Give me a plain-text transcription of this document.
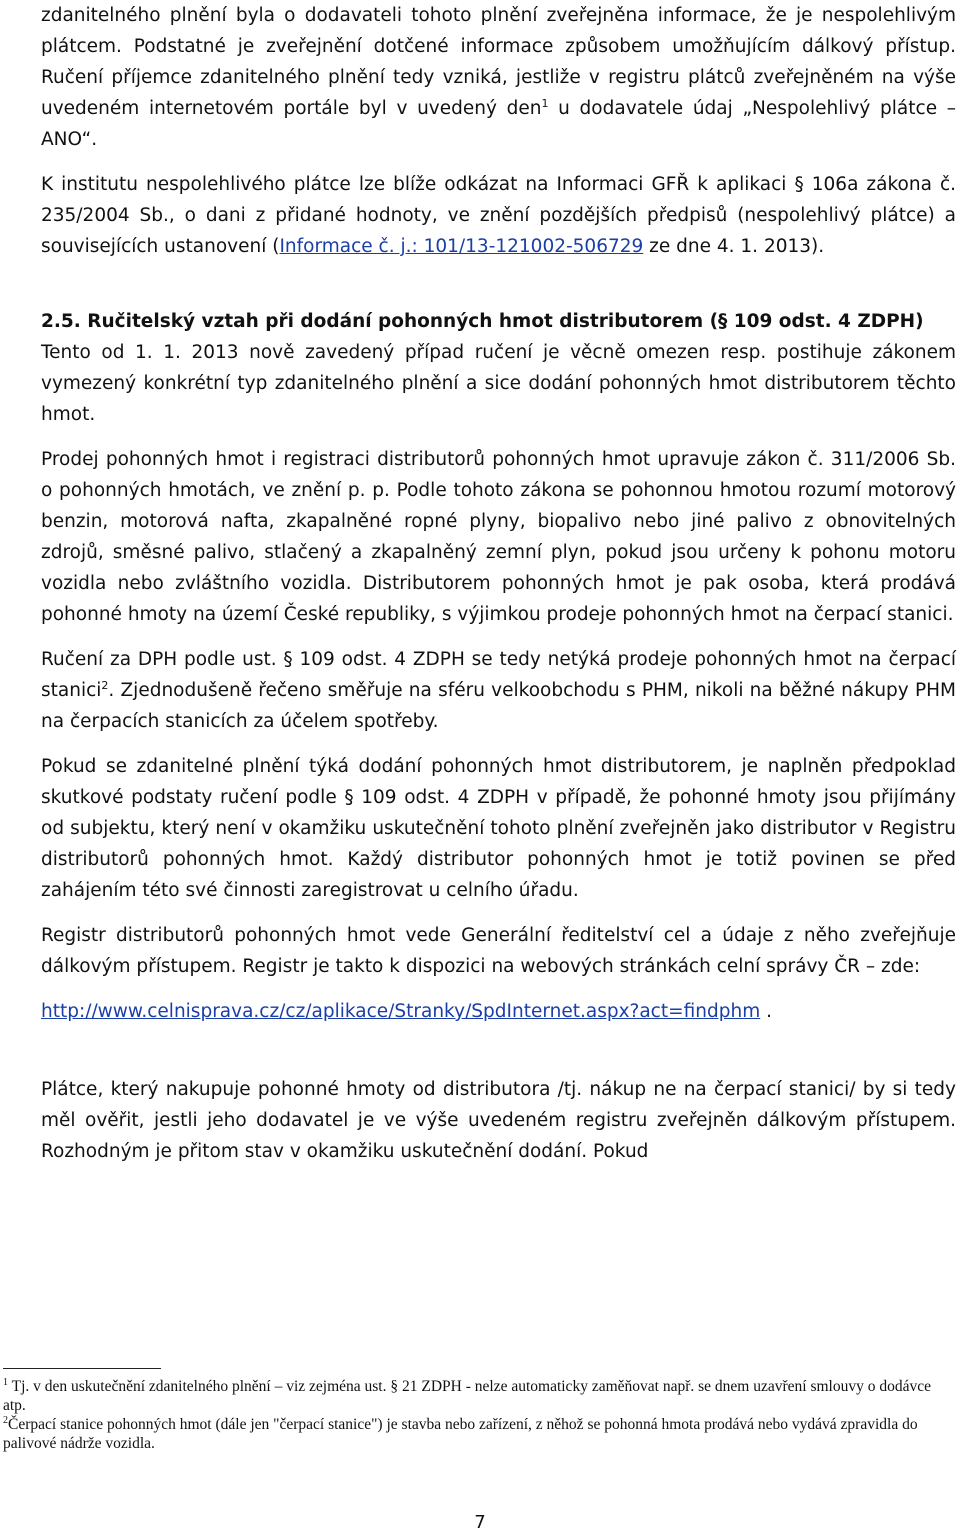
zdanitelného plnění byla o dodavateli tohoto plnění zveřejněna informace, že je nespolehlivým plátcem. Podstatné je zveřejnění dotčené informace způsobem umožňujícím dálkový přístup. Ručení příjemce zdanitelného plnění tedy vzniká, jestliže v registru plátců zveřejněném na výše uvedeném internetovém portále byl v uvedený den$^1$ u dodavatele údaj „Nespolehlivý plátce – ANO“.

K institutu nespolehlivého plátce lze blíže odkázat na Informaci GFŘ k aplikaci § 106a zákona č. 235/2004 Sb., o dani z přidané hodnoty, ve znění pozdějších předpisů (nespolehlivý plátce) a souvisejících ustanovení (Informace č. j.: 101/13-121002-506729 ze dne 4. 1. 2013).

2.5. Ručitelský vztah při dodání pohonných hmot distributorem (§ 109 odst. 4 ZDPH)

Tento od 1. 1. 2013 nově zavedený případ ručení je věcně omezen resp. postihuje zákonem vymezený konkrétní typ zdanitelného plnění a sice dodání pohonných hmot distributorem těchto hmot.

Prodej pohonných hmot i registraci distributorů pohonných hmot upravuje zákon č. 311/2006 Sb. o pohonných hmotách, ve znění p. p. Podle tohoto zákona se pohonnou hmotou rozumí motorový benzin, motorová nafta, zkapalněné ropné plyny, biopalivo nebo jiné palivo z obnovitelných zdrojů, směsné palivo, stlačený a zkapalněný zemní plyn, pokud jsou určeny k pohonu motoru vozidla nebo zvláštního vozidla. Distributorem pohonných hmot je pak osoba, která prodává pohonné hmoty na území České republiky, s výjimkou prodeje pohonných hmot na čerpací stanici.

Ručení za DPH podle ust. § 109 odst. 4 ZDPH se tedy netýká prodeje pohonných hmot na čerpací stanici$^2$. Zjednodušeně řečeno směřuje na sféru velkoobchodu s PHM, nikoli na běžné nákupy PHM na čerpacích stanicích za účelem spotřeby.

Pokud se zdanitelné plnění týká dodání pohonných hmot distributorem, je naplněn předpoklad skutkové podstaty ručení podle § 109 odst. 4 ZDPH v případě, že pohonné hmoty jsou přijímány od subjektu, který není v okamžiku uskutečnění tohoto plnění zveřejněn jako distributor v Registru distributorů pohonných hmot. Každý distributor pohonných hmot je totiž povinen se před zahájením této své činnosti zaregistrovat u celního úřadu.

Registr distributorů pohonných hmot vede Generální ředitelství cel a údaje z něho zveřejňuje dálkovým přístupem. Registr je takto k dispozici na webových stránkách celní správy ČR – zde:

http://www.celnisprava.cz/cz/aplikace/Stranky/SpdInternet.aspx?act=findphm .

Plátce, který nakupuje pohonné hmoty od distributora /tj. nákup ne na čerpací stanici/ by si tedy měl ověřit, jestli jeho dodavatel je ve výše uvedeném registru zveřejněn dálkovým přístupem. Rozhodným je přitom stav v okamžiku uskutečnění dodání. Pokud

$^1$ Tj. v den uskutečnění zdanitelného plnění – viz zejména ust. § 21 ZDPH - nelze automaticky zaměňovat např. se dnem uzavření smlouvy o dodávce atp.

$^2$Čerpací stanice pohonných hmot (dále jen "čerpací stanice") je stavba nebo zařízení, z něhož se pohonná hmota prodává nebo vydává zpravidla do palivové nádrže vozidla.

7
